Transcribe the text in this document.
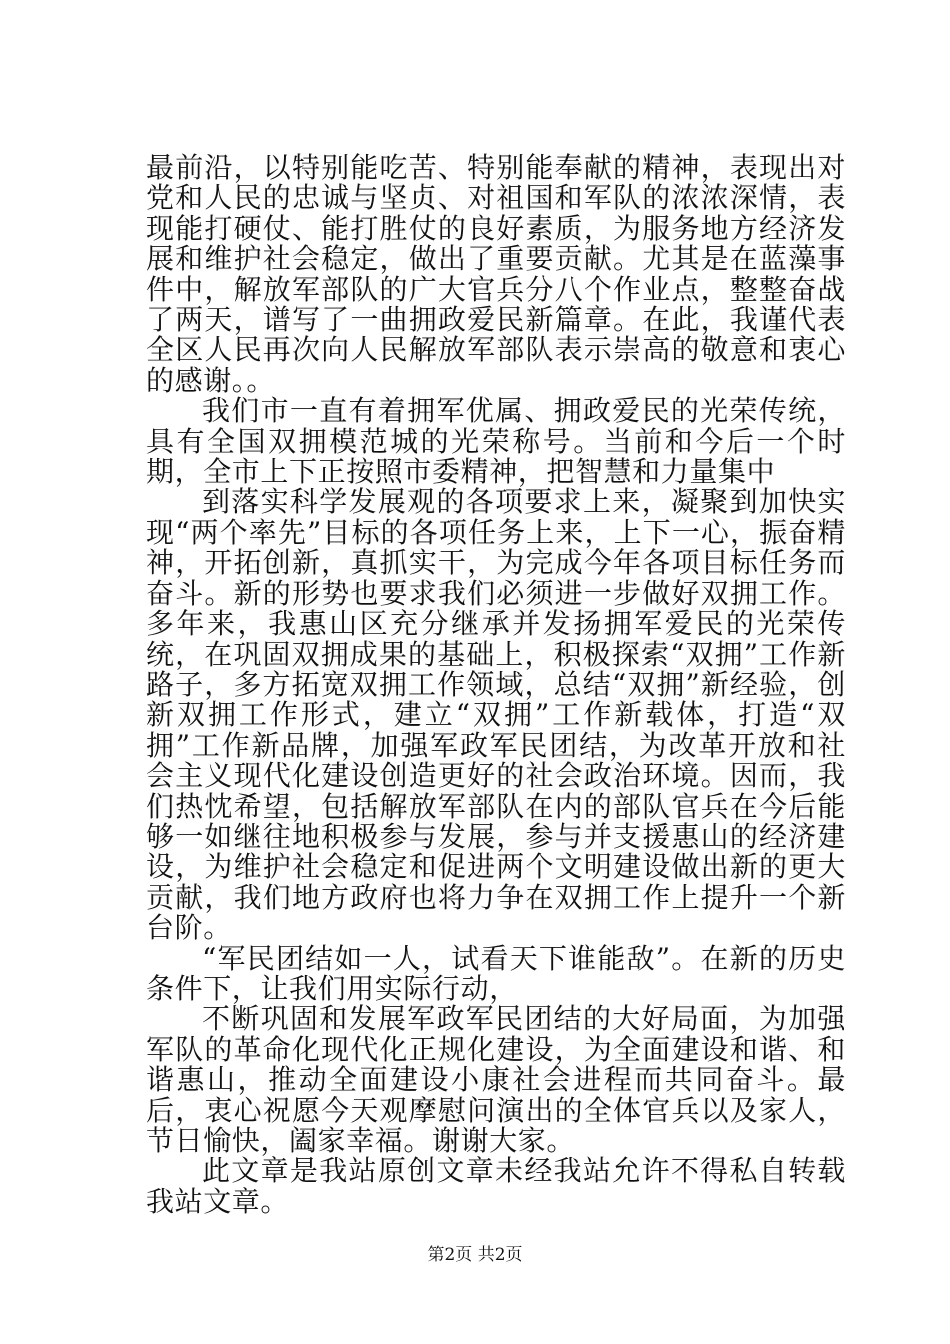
最前沿，以特别能吃苦、特别能奉献的精神，表现出对党和人民的忠诚与坚贞、对祖国和军队的浓浓深情，表现能打硬仗、能打胜仗的良好素质，为服务地方经济发展和维护社会稳定，做出了重要贡献。尤其是在蓝藻事件中，解放军部队的广大官兵分八个作业点，整整奋战了两天，谱写了一曲拥政爱民新篇章。在此，我谨代表全区人民再次向人民解放军部队表示崇高的敬意和衷心的感谢。。

我们市一直有着拥军优属、拥政爱民的光荣传统，具有全国双拥模范城的光荣称号。当前和今后一个时期，全市上下正按照市委精神，把智慧和力量集中

到落实科学发展观的各项要求上来，凝聚到加快实现“两个率先”目标的各项任务上来，上下一心，振奋精神，开拓创新，真抓实干，为完成今年各项目标任务而奋斗。新的形势也要求我们必须进一步做好双拥工作。多年来，我惠山区充分继承并发扬拥军爱民的光荣传统，在巩固双拥成果的基础上，积极探索“双拥”工作新路子，多方拓宽双拥工作领域，总结“双拥”新经验，创新双拥工作形式，建立“双拥”工作新载体，打造“双拥”工作新品牌，加强军政军民团结，为改革开放和社会主义现代化建设创造更好的社会政治环境。因而，我们热忱希望，包括解放军部队在内的部队官兵在今后能够一如继往地积极参与发展，参与并支援惠山的经济建设，为维护社会稳定和促进两个文明建设做出新的更大贡献，我们地方政府也将力争在双拥工作上提升一个新台阶。

“军民团结如一人，试看天下谁能敌”。在新的历史条件下，让我们用实际行动，

不断巩固和发展军政军民团结的大好局面，为加强军队的革命化现代化正规化建设，为全面建设和谐、和谐惠山，推动全面建设小康社会进程而共同奋斗。最后，衷心祝愿今天观摩慰问演出的全体官兵以及家人，节日愉快，阖家幸福。谢谢大家。

此文章是我站原创文章未经我站允许不得私自转载我站文章。

第2页 共2页
